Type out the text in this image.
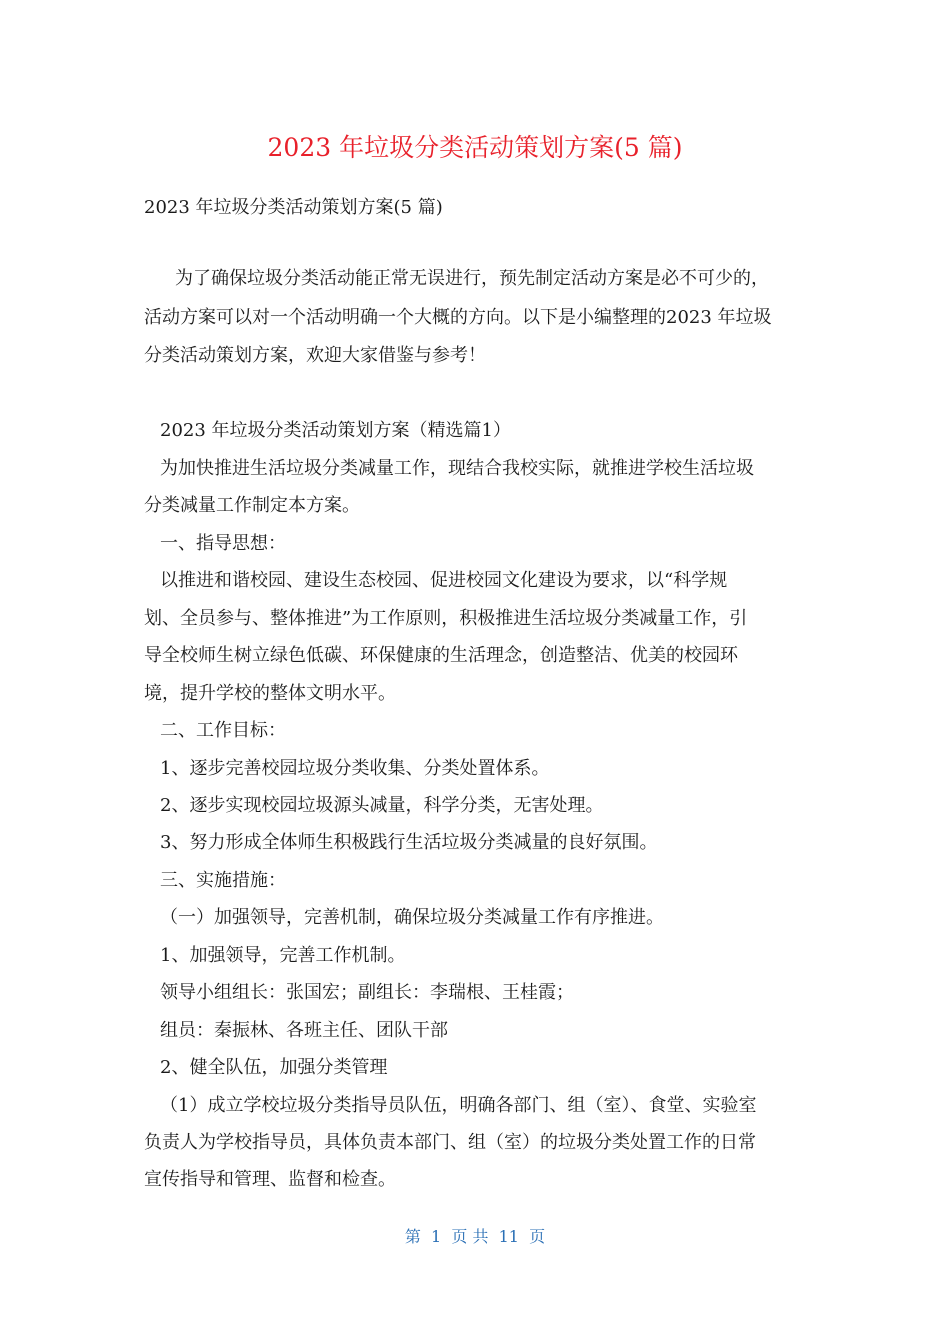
2023 年垃圾分类活动策划方案(5 篇)
2023 年垃圾分类活动策划方案(5 篇)
为了确保垃圾分类活动能正常无误进行，预先制定活动方案是必不可少的，
活动方案可以对一个活动明确一个大概的方向。以下是小编整理的2023 年垃圾
分类活动策划方案，欢迎大家借鉴与参考！
2023 年垃圾分类活动策划方案（精选篇1）
为加快推进生活垃圾分类减量工作，现结合我校实际，就推进学校生活垃圾
分类减量工作制定本方案。
一、指导思想：
以推进和谐校园、建设生态校园、促进校园文化建设为要求，以“科学规
划、全员参与、整体推进”为工作原则，积极推进生活垃圾分类减量工作，引
导全校师生树立绿色低碳、环保健康的生活理念，创造整洁、优美的校园环
境，提升学校的整体文明水平。
二、工作目标：
1、逐步完善校园垃圾分类收集、分类处置体系。
2、逐步实现校园垃圾源头减量，科学分类，无害处理。
3、努力形成全体师生积极践行生活垃圾分类减量的良好氛围。
三、实施措施：
（一）加强领导，完善机制，确保垃圾分类减量工作有序推进。
1、加强领导，完善工作机制。
领导小组组长：张国宏；副组长：李瑞根、王桂霞；
组员：秦振林、各班主任、团队干部
2、健全队伍，加强分类管理
（1）成立学校垃圾分类指导员队伍，明确各部门、组（室）、食堂、实验室
负责人为学校指导员，具体负责本部门、组（室）的垃圾分类处置工作的日常
宣传指导和管理、监督和检查。
第  1  页 共  11  页
